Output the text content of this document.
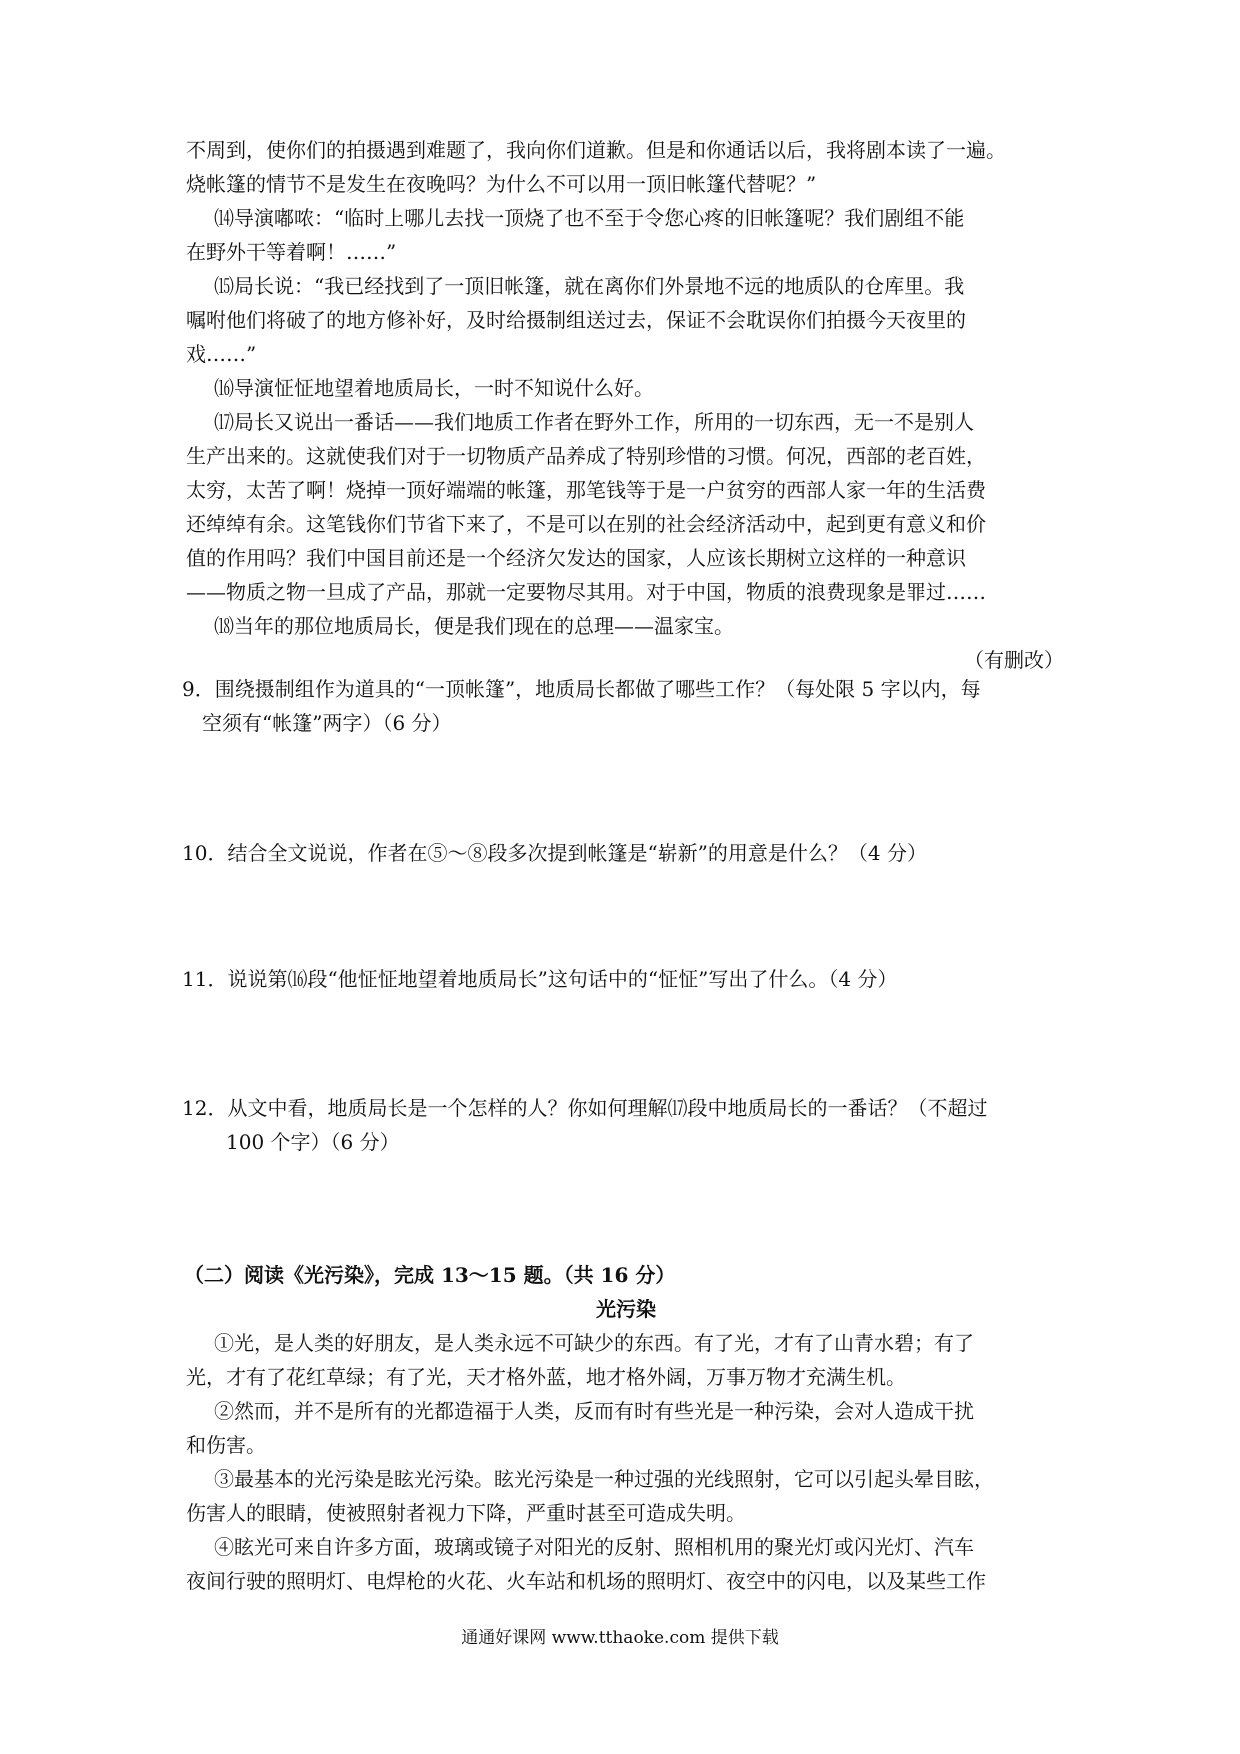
不周到，使你们的拍摄遇到难题了，我向你们道歉。但是和你通话以后，我将剧本读了一遍。
烧帐篷的情节不是发生在夜晚吗？为什么不可以用一顶旧帐篷代替呢？”
⒁导演嘟哝：“临时上哪儿去找一顶烧了也不至于令您心疼的旧帐篷呢？我们剧组不能
在野外干等着啊！……”
⒂局长说：“我已经找到了一顶旧帐篷，就在离你们外景地不远的地质队的仓库里。我
嘱咐他们将破了的地方修补好，及时给摄制组送过去，保证不会耽误你们拍摄今天夜里的
戏……”
⒃导演怔怔地望着地质局长，一时不知说什么好。
⒄局长又说出一番话——我们地质工作者在野外工作，所用的一切东西，无一不是别人
生产出来的。这就使我们对于一切物质产品养成了特别珍惜的习惯。何况，西部的老百姓，
太穷，太苦了啊！烧掉一顶好端端的帐篷，那笔钱等于是一户贫穷的西部人家一年的生活费
还绰绰有余。这笔钱你们节省下来了，不是可以在别的社会经济活动中，起到更有意义和价
值的作用吗？我们中国目前还是一个经济欠发达的国家，人应该长期树立这样的一种意识
——物质之物一旦成了产品，那就一定要物尽其用。对于中国，物质的浪费现象是罪过……
⒅当年的那位地质局长，便是我们现在的总理——温家宝。
（有删改）
9．围绕摄制组作为道具的“一顶帐篷”，地质局长都做了哪些工作？（每处限 5 字以内，每
空须有“帐篷”两字）（6 分）
10．结合全文说说，作者在⑤～⑧段多次提到帐篷是“崭新”的用意是什么？（4 分）
11．说说第⒃段“他怔怔地望着地质局长”这句话中的“怔怔”写出了什么。（4 分）
12．从文中看，地质局长是一个怎样的人？你如何理解⒄段中地质局长的一番话？（不超过
100 个字）（6 分）
（二）阅读《光污染》，完成 13～15 题。（共 16 分）
光污染
①光，是人类的好朋友，是人类永远不可缺少的东西。有了光，才有了山青水碧；有了
光，才有了花红草绿；有了光，天才格外蓝，地才格外阔，万事万物才充满生机。
②然而，并不是所有的光都造福于人类，反而有时有些光是一种污染，会对人造成干扰
和伤害。
③最基本的光污染是眩光污染。眩光污染是一种过强的光线照射，它可以引起头晕目眩，
伤害人的眼睛，使被照射者视力下降，严重时甚至可造成失明。
④眩光可来自许多方面，玻璃或镜子对阳光的反射、照相机用的聚光灯或闪光灯、汽车
夜间行驶的照明灯、电焊枪的火花、火车站和机场的照明灯、夜空中的闪电，以及某些工作
通通好课网 www.tthaoke.com 提供下载
